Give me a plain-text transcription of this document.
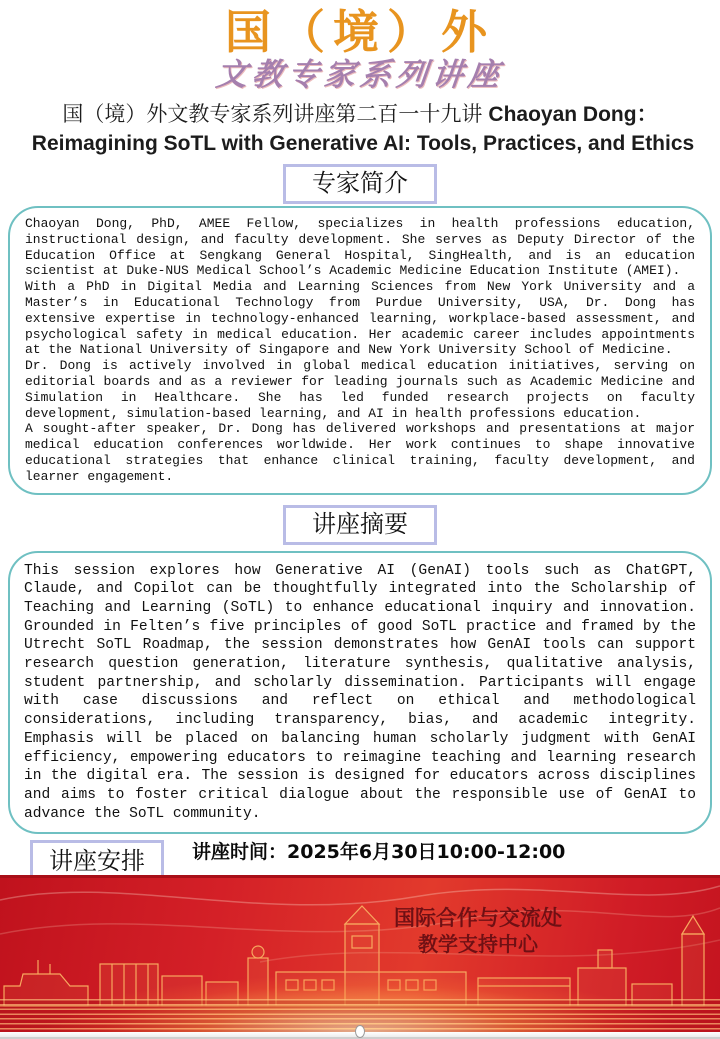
国（境）外
文教专家系列讲座
国（境）外文教专家系列讲座第二百一十九讲 Chaoyan Dong：
Reimagining SoTL with Generative AI: Tools, Practices, and Ethics
专家简介

Chaoyan Dong, PhD, AMEE Fellow, specializes in health professions education, instructional design, and faculty development. She serves as Deputy Director of the Education Office at Sengkang General Hospital, SingHealth, and is an education scientist at Duke-NUS Medical School’s Academic Medicine Education Institute (AMEI).

With a PhD in Digital Media and Learning Sciences from New York University and a Master’s in Educational Technology from Purdue University, USA, Dr. Dong has extensive expertise in technology-enhanced learning, workplace-based assessment, and psychological safety in medical education. Her academic career includes appointments at the National University of Singapore and New York University School of Medicine.

Dr. Dong is actively involved in global medical education initiatives, serving on editorial boards and as a reviewer for leading journals such as Academic Medicine and Simulation in Healthcare. She has led funded research projects on faculty development, simulation-based learning, and AI in health professions education.

A sought-after speaker, Dr. Dong has delivered workshops and presentations at major medical education conferences worldwide. Her work continues to shape innovative educational strategies that enhance clinical training, faculty development, and learner engagement.

讲座摘要

This session explores how Generative AI (GenAI) tools such as ChatGPT, Claude, and Copilot can be thoughtfully integrated into the Scholarship of Teaching and Learning (SoTL) to enhance educational inquiry and innovation. Grounded in Felten’s five principles of good SoTL practice and framed by the Utrecht SoTL Roadmap, the session demonstrates how GenAI tools can support research question generation, literature synthesis, qualitative analysis, student partnership, and scholarly dissemination. Participants will engage with case discussions and reflect on ethical and methodological considerations, including transparency, bias, and academic integrity. Emphasis will be placed on balancing human scholarly judgment with GenAI efficiency, empowering educators to reimagine teaching and learning research in the digital era. The session is designed for educators across disciplines and aims to foster critical dialogue about the responsible use of GenAI to advance the SoTL community.

讲座安排	讲座时间：2025年6月30日10:00-12:00
国际合作与交流处
教学支持中心
